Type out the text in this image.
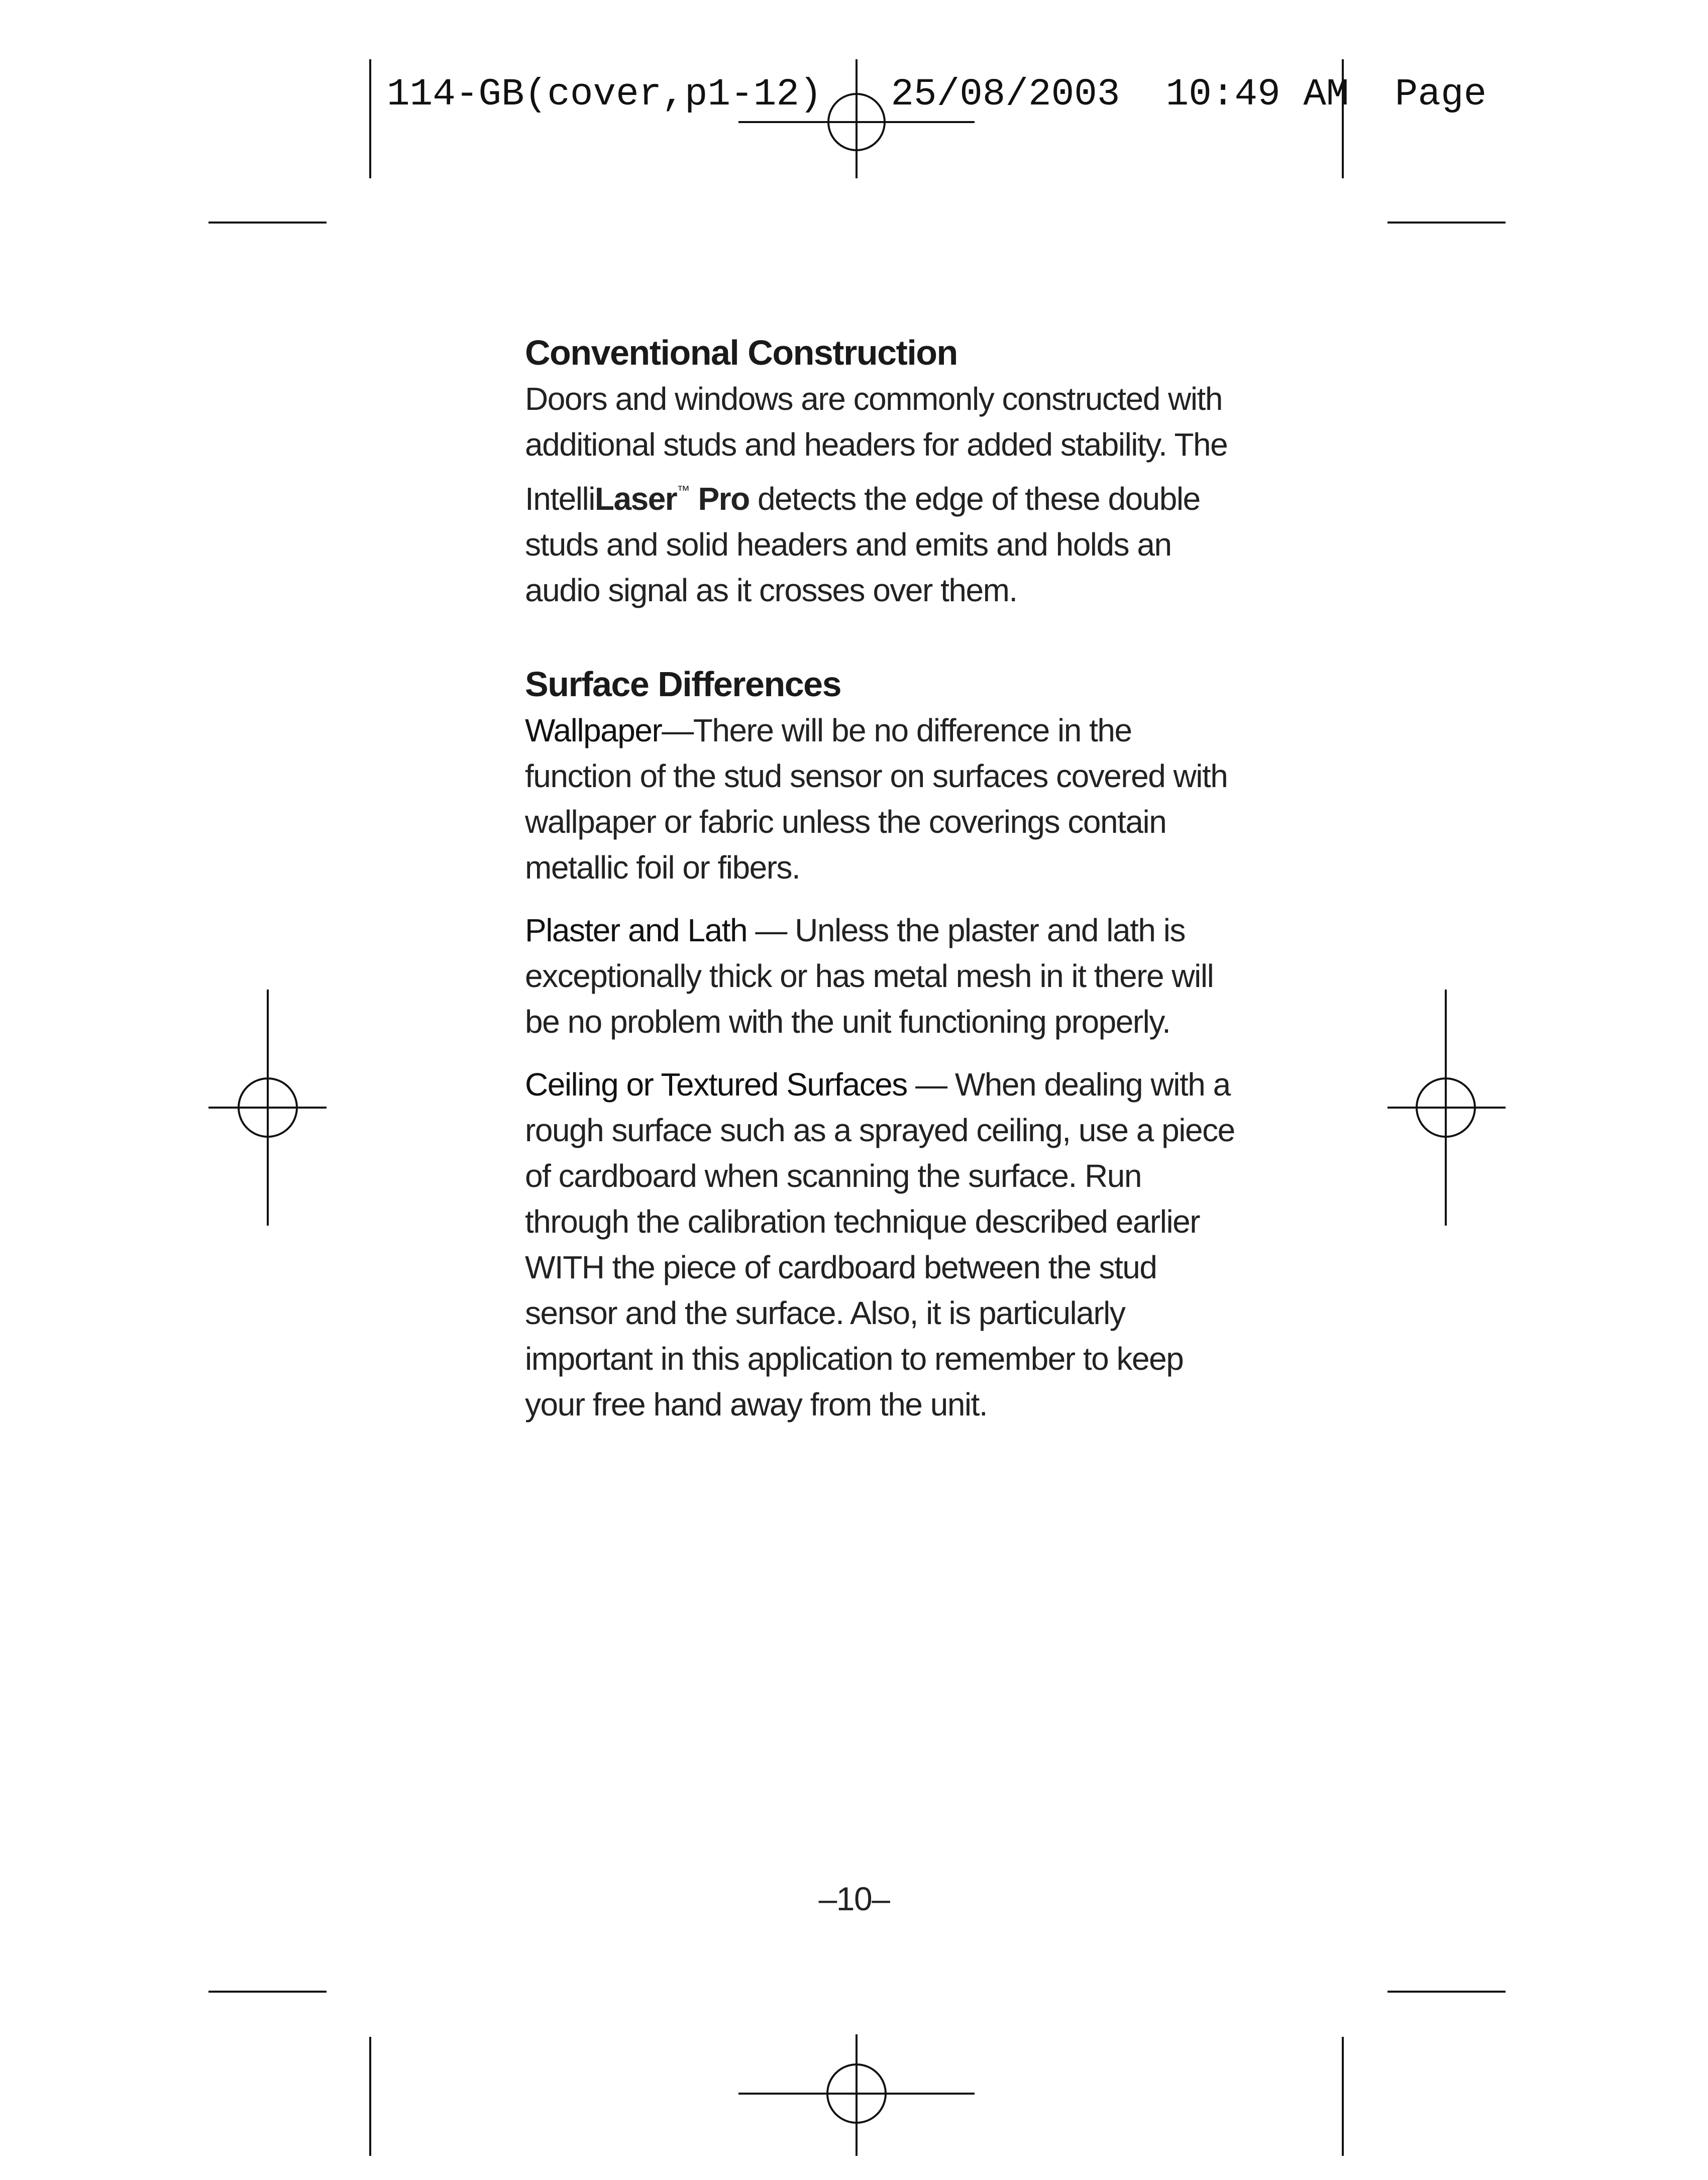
114-GB(cover,p1-12) 25/08/2003 10:49 AM Page
Conventional Construction

Doors and windows are commonly constructed with additional studs and headers for added stability. The IntelliLaser™ Pro detects the edge of these double studs and solid headers and emits and holds an audio signal as it crosses over them.

Surface Differences

Wallpaper—There will be no difference in the function of the stud sensor on surfaces covered with wallpaper or fabric unless the coverings contain metallic foil or fibers.

Plaster and Lath — Unless the plaster and lath is exceptionally thick or has metal mesh in it there will be no problem with the unit functioning properly.

Ceiling or Textured Surfaces — When dealing with a rough surface such as a sprayed ceiling, use a piece of cardboard when scanning the surface. Run through the calibration technique described earlier WITH the piece of cardboard between the stud sensor and the surface. Also, it is particularly important in this application to remember to keep your free hand away from the unit.

–10–
